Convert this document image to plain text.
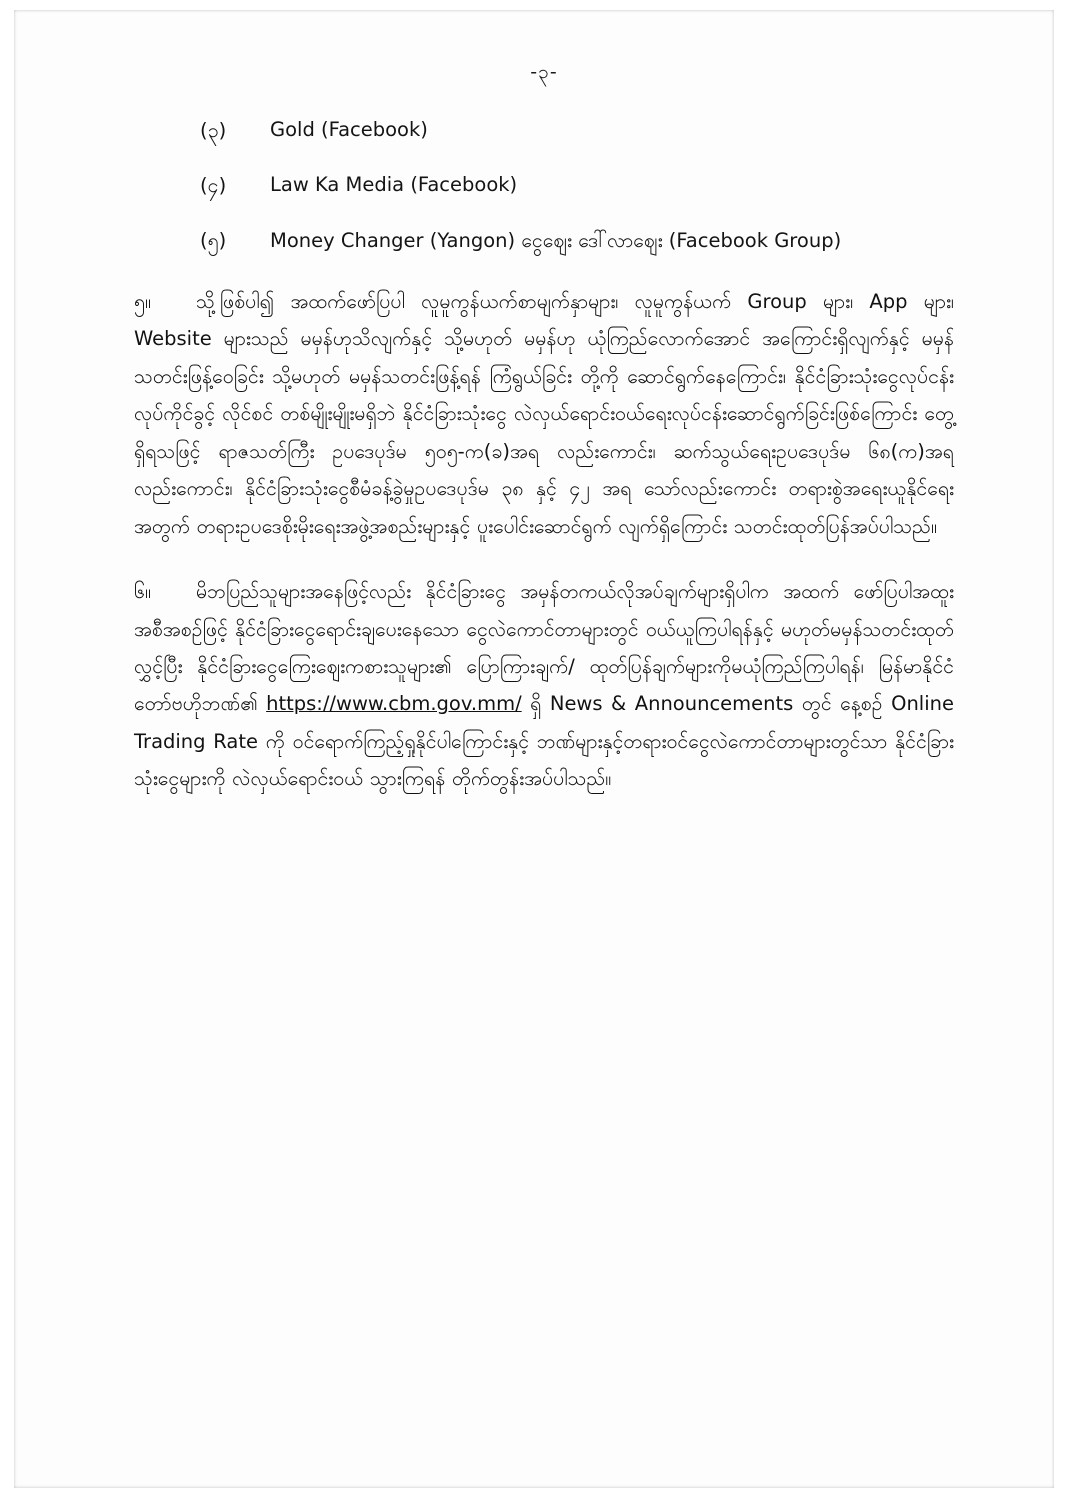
-၃-
(၃)	Gold (Facebook)
(၄)	Law Ka Media (Facebook)
(၅)	Money Changer (Yangon) ငွေဈေး ဒေါ်လာဈေး (Facebook Group)

၅။ သို့ဖြစ်ပါ၍ အထက်ဖော်ပြပါ လူမူကွန်ယက်စာမျက်နှာများ၊ လူမူကွန်ယက် Group များ၊ App များ၊ Website များသည် မမှန်ဟုသိလျက်နှင့် သို့မဟုတ် မမှန်ဟု ယုံကြည်လောက်အောင် အကြောင်းရှိလျက်နှင့် မမှန်သတင်းဖြန့်ဝေခြင်း သို့မဟုတ် မမှန်သတင်းဖြန့်ရန် ကြံရွယ်ခြင်း တို့ကို ဆောင်ရွက်နေကြောင်း၊ နိုင်ငံခြားသုံးငွေလုပ်ငန်းလုပ်ကိုင်ခွင့် လိုင်စင် တစ်မျိုးမျိုးမရှိဘဲ နိုင်ငံခြားသုံးငွေ လဲလှယ်ရောင်းဝယ်ရေးလုပ်ငန်းဆောင်ရွက်ခြင်းဖြစ်ကြောင်း တွေ့ရှိရသဖြင့် ရာဇသတ်ကြီး ဥပဒေပုဒ်မ ၅၀၅-က(ခ)အရ လည်းကောင်း၊ ဆက်သွယ်ရေးဥပဒေပုဒ်မ ၆၈(က)အရလည်းကောင်း၊ နိုင်ငံခြားသုံးငွေစီမံခန့်ခွဲမှုဥပဒေပုဒ်မ ၃၈ နှင့် ၄၂ အရ သော်လည်းကောင်း တရားစွဲအရေးယူနိုင်ရေးအတွက် တရားဥပဒေစိုးမိုးရေးအဖွဲ့အစည်းများနှင့် ပူးပေါင်းဆောင်ရွက် လျက်ရှိကြောင်း သတင်းထုတ်ပြန်အပ်ပါသည်။

၆။ မိဘပြည်သူများအနေဖြင့်လည်း နိုင်ငံခြားငွေ အမှန်တကယ်လိုအပ်ချက်များရှိပါက အထက် ဖော်ပြပါအထူးအစီအစဉ်ဖြင့် နိုင်ငံခြားငွေရောင်းချပေးနေသော ငွေလဲကောင်တာများတွင် ဝယ်ယူကြပါရန်နှင့် မဟုတ်မမှန်သတင်းထုတ်လွှင့်ပြီး နိုင်ငံခြားငွေကြေးဈေးကစားသူများ၏ ပြောကြားချက်/ ထုတ်ပြန်ချက်များကိုမယုံကြည်ကြပါရန်၊ မြန်မာနိုင်ငံတော်ဗဟိုဘဏ်၏ https://www.cbm.gov.mm/ ရှိ News & Announcements တွင် နေ့စဉ် Online Trading Rate ကို ဝင်ရောက်ကြည့်ရှုနိုင်ပါကြောင်းနှင့် ဘဏ်များနှင့်တရားဝင်ငွေလဲကောင်တာများတွင်သာ နိုင်ငံခြားသုံးငွေများကို လဲလှယ်ရောင်းဝယ် သွားကြရန် တိုက်တွန်းအပ်ပါသည်။
